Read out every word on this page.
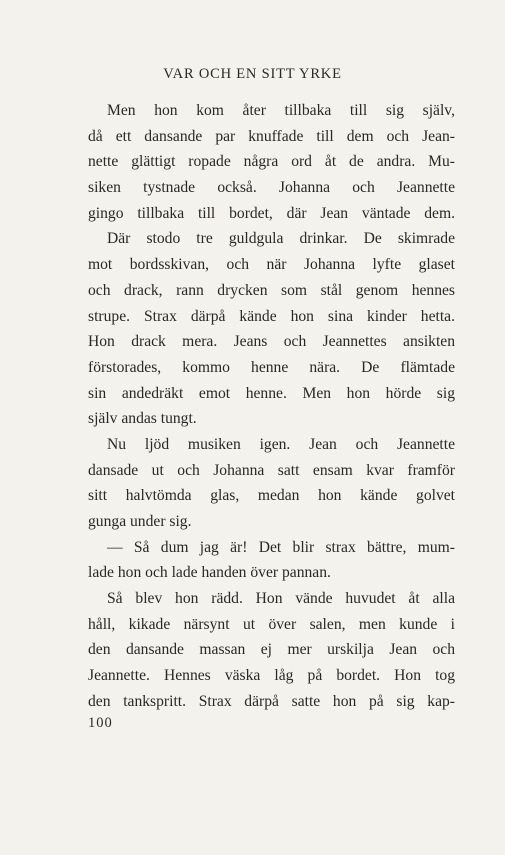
VAR OCH EN SITT YRKE
Men hon kom åter tillbaka till sig själv,
då ett dansande par knuffade till dem och Jean-
nette glättigt ropade några ord åt de andra. Mu-
siken tystnade också. Johanna och Jeannette
gingo tillbaka till bordet, där Jean väntade dem.
Där stodo tre guldgula drinkar. De skimrade
mot bordsskivan, och när Johanna lyfte glaset
och drack, rann drycken som stål genom hennes
strupe. Strax därpå kände hon sina kinder hetta.
Hon drack mera. Jeans och Jeannettes ansikten
förstorades, kommo henne nära. De flämtade
sin andedräkt emot henne. Men hon hörde sig
själv andas tungt.
Nu ljöd musiken igen. Jean och Jeannette
dansade ut och Johanna satt ensam kvar framför
sitt halvtömda glas, medan hon kände golvet
gunga under sig.
— Så dum jag är! Det blir strax bättre, mum-
lade hon och lade handen över pannan.
Så blev hon rädd. Hon vände huvudet åt alla
håll, kikade närsynt ut över salen, men kunde i
den dansande massan ej mer urskilja Jean och
Jeannette. Hennes väska låg på bordet. Hon tog
den tankspritt. Strax därpå satte hon på sig kap-
100
